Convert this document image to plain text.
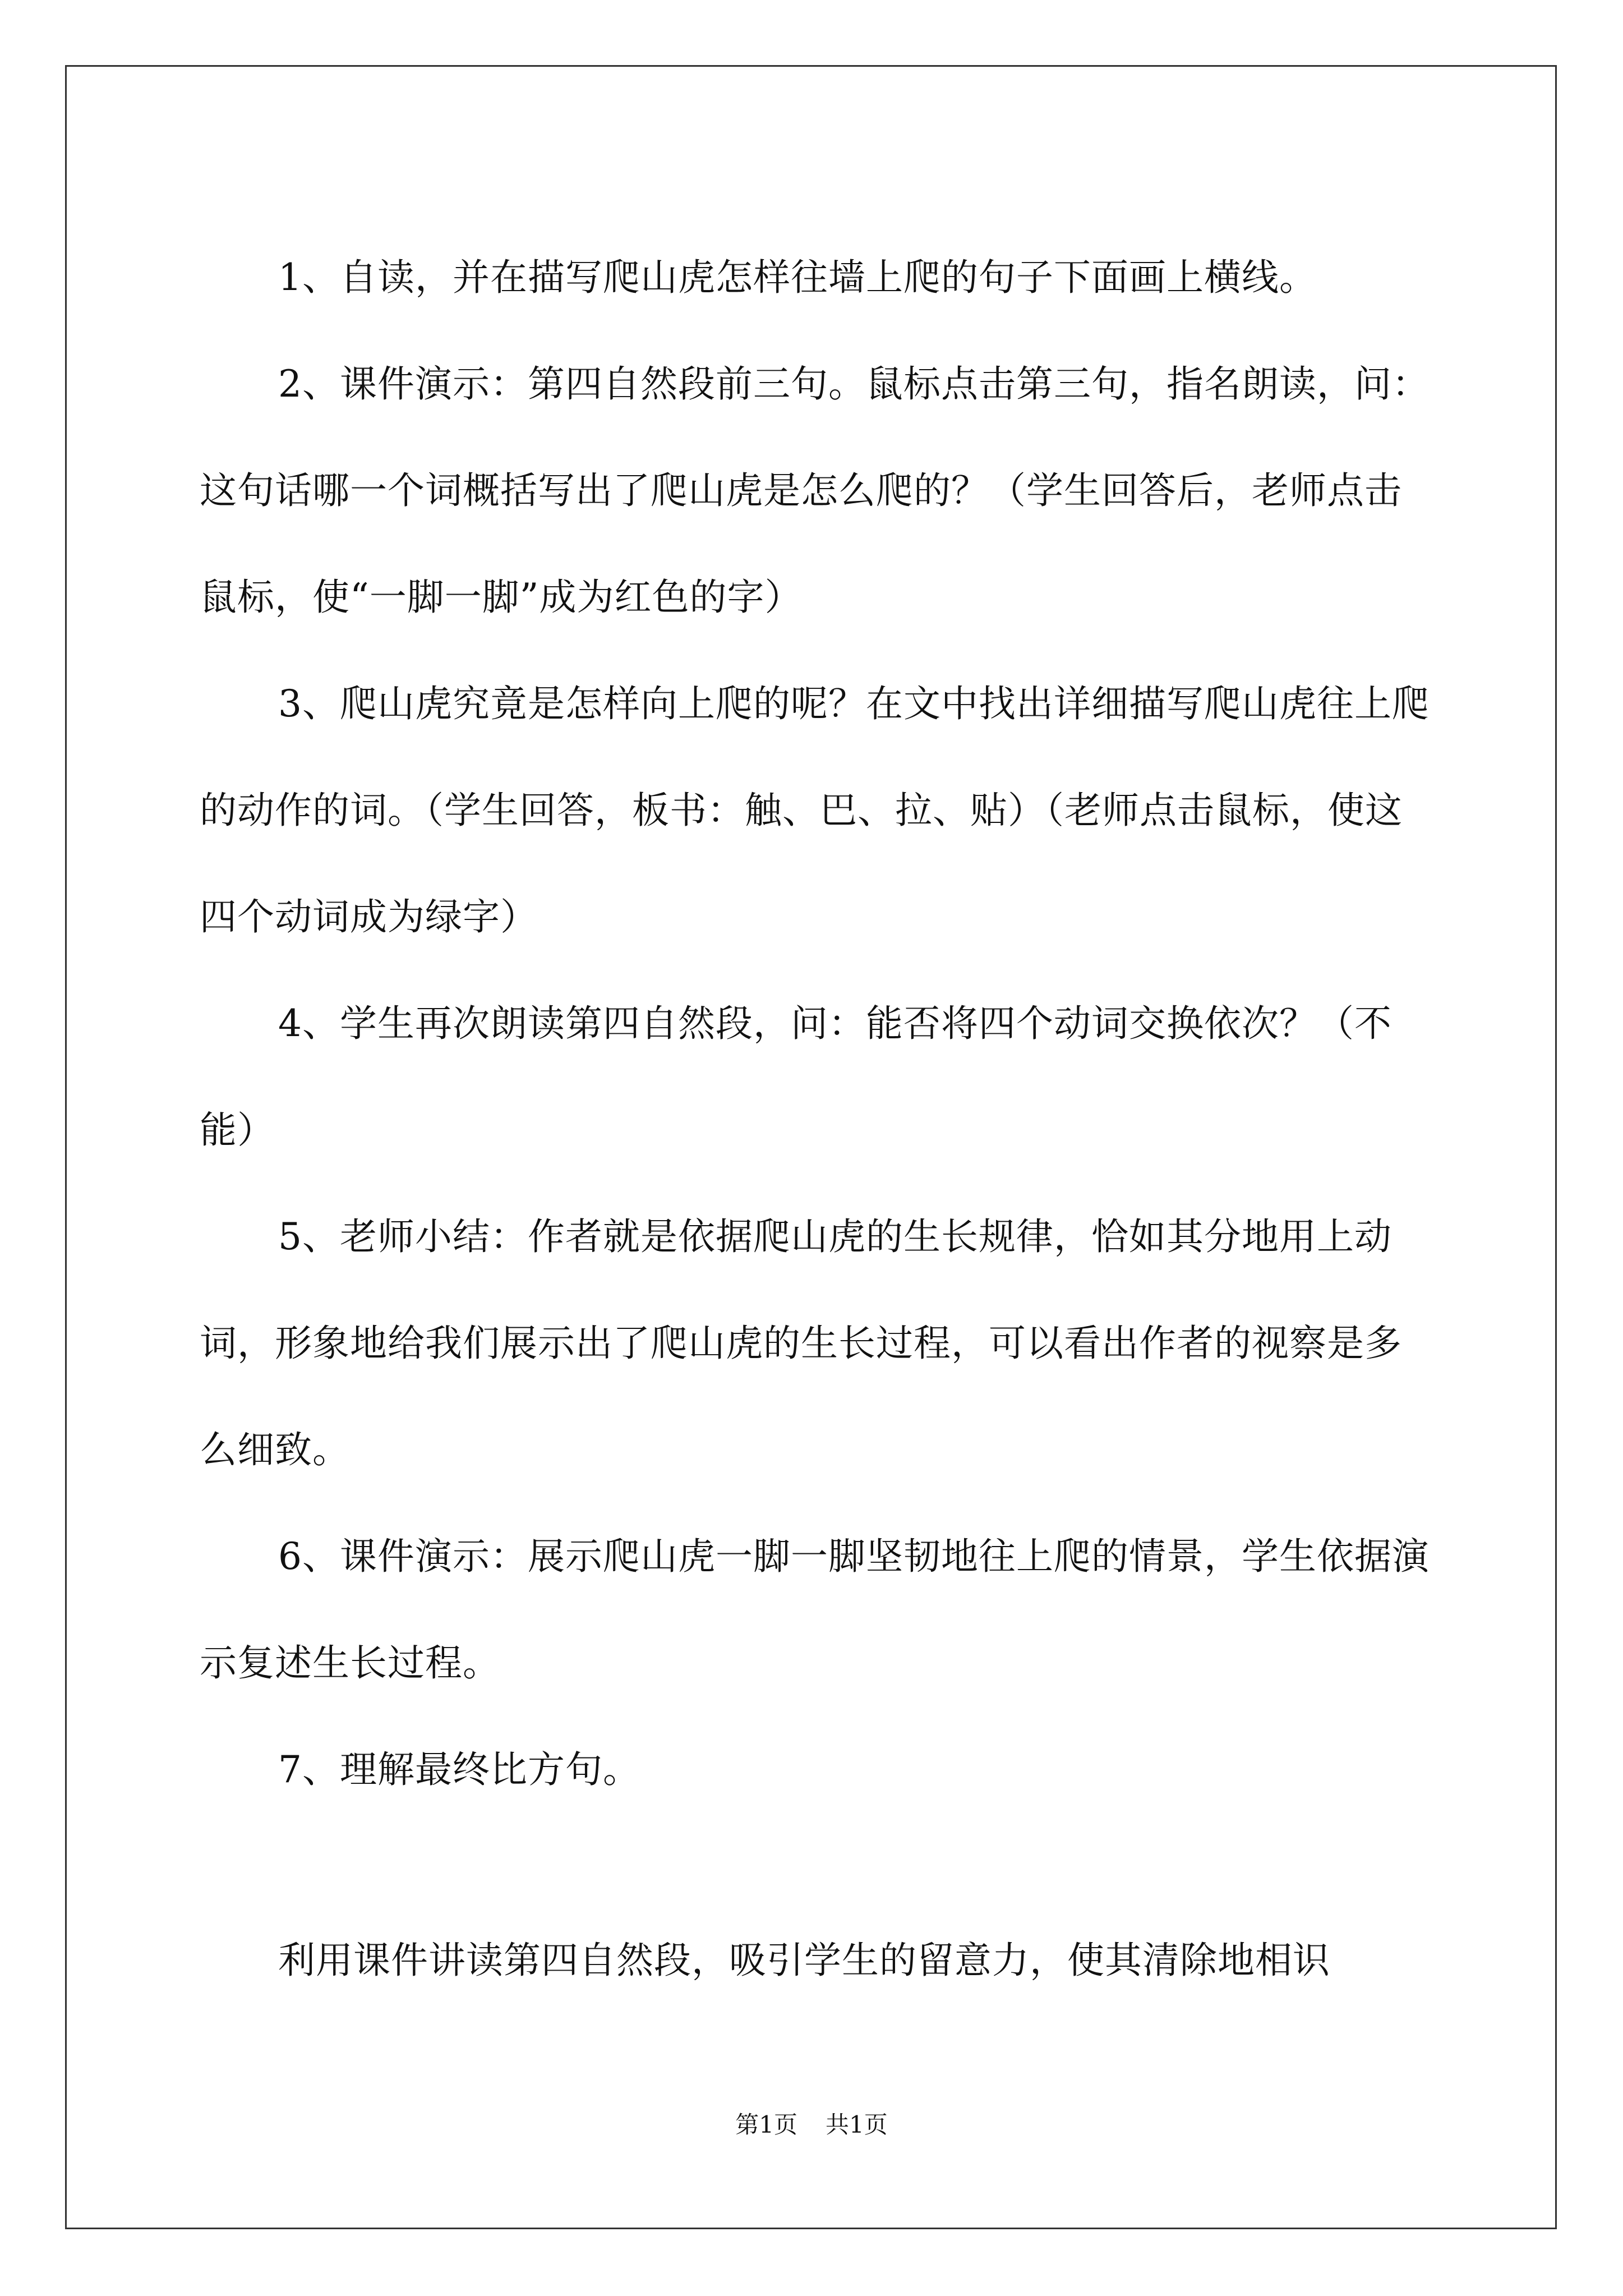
1、自读，并在描写爬山虎怎样往墙上爬的句子下面画上横线。

2、课件演示：第四自然段前三句。鼠标点击第三句，指名朗读，问：这句话哪一个词概括写出了爬山虎是怎么爬的？（学生回答后，老师点击鼠标，使“一脚一脚”成为红色的字）

3、爬山虎究竟是怎样向上爬的呢？在文中找出详细描写爬山虎往上爬的动作的词。（学生回答，板书：触、巴、拉、贴）（老师点击鼠标，使这四个动词成为绿字）

4、学生再次朗读第四自然段，问：能否将四个动词交换依次？（不能）

5、老师小结：作者就是依据爬山虎的生长规律，恰如其分地用上动词，形象地给我们展示出了爬山虎的生长过程，可以看出作者的视察是多么细致。

6、课件演示：展示爬山虎一脚一脚坚韧地往上爬的情景，学生依据演示复述生长过程。

7、理解最终比方句。

利用课件讲读第四自然段，吸引学生的留意力，使其清除地相识

第1页 共1页
